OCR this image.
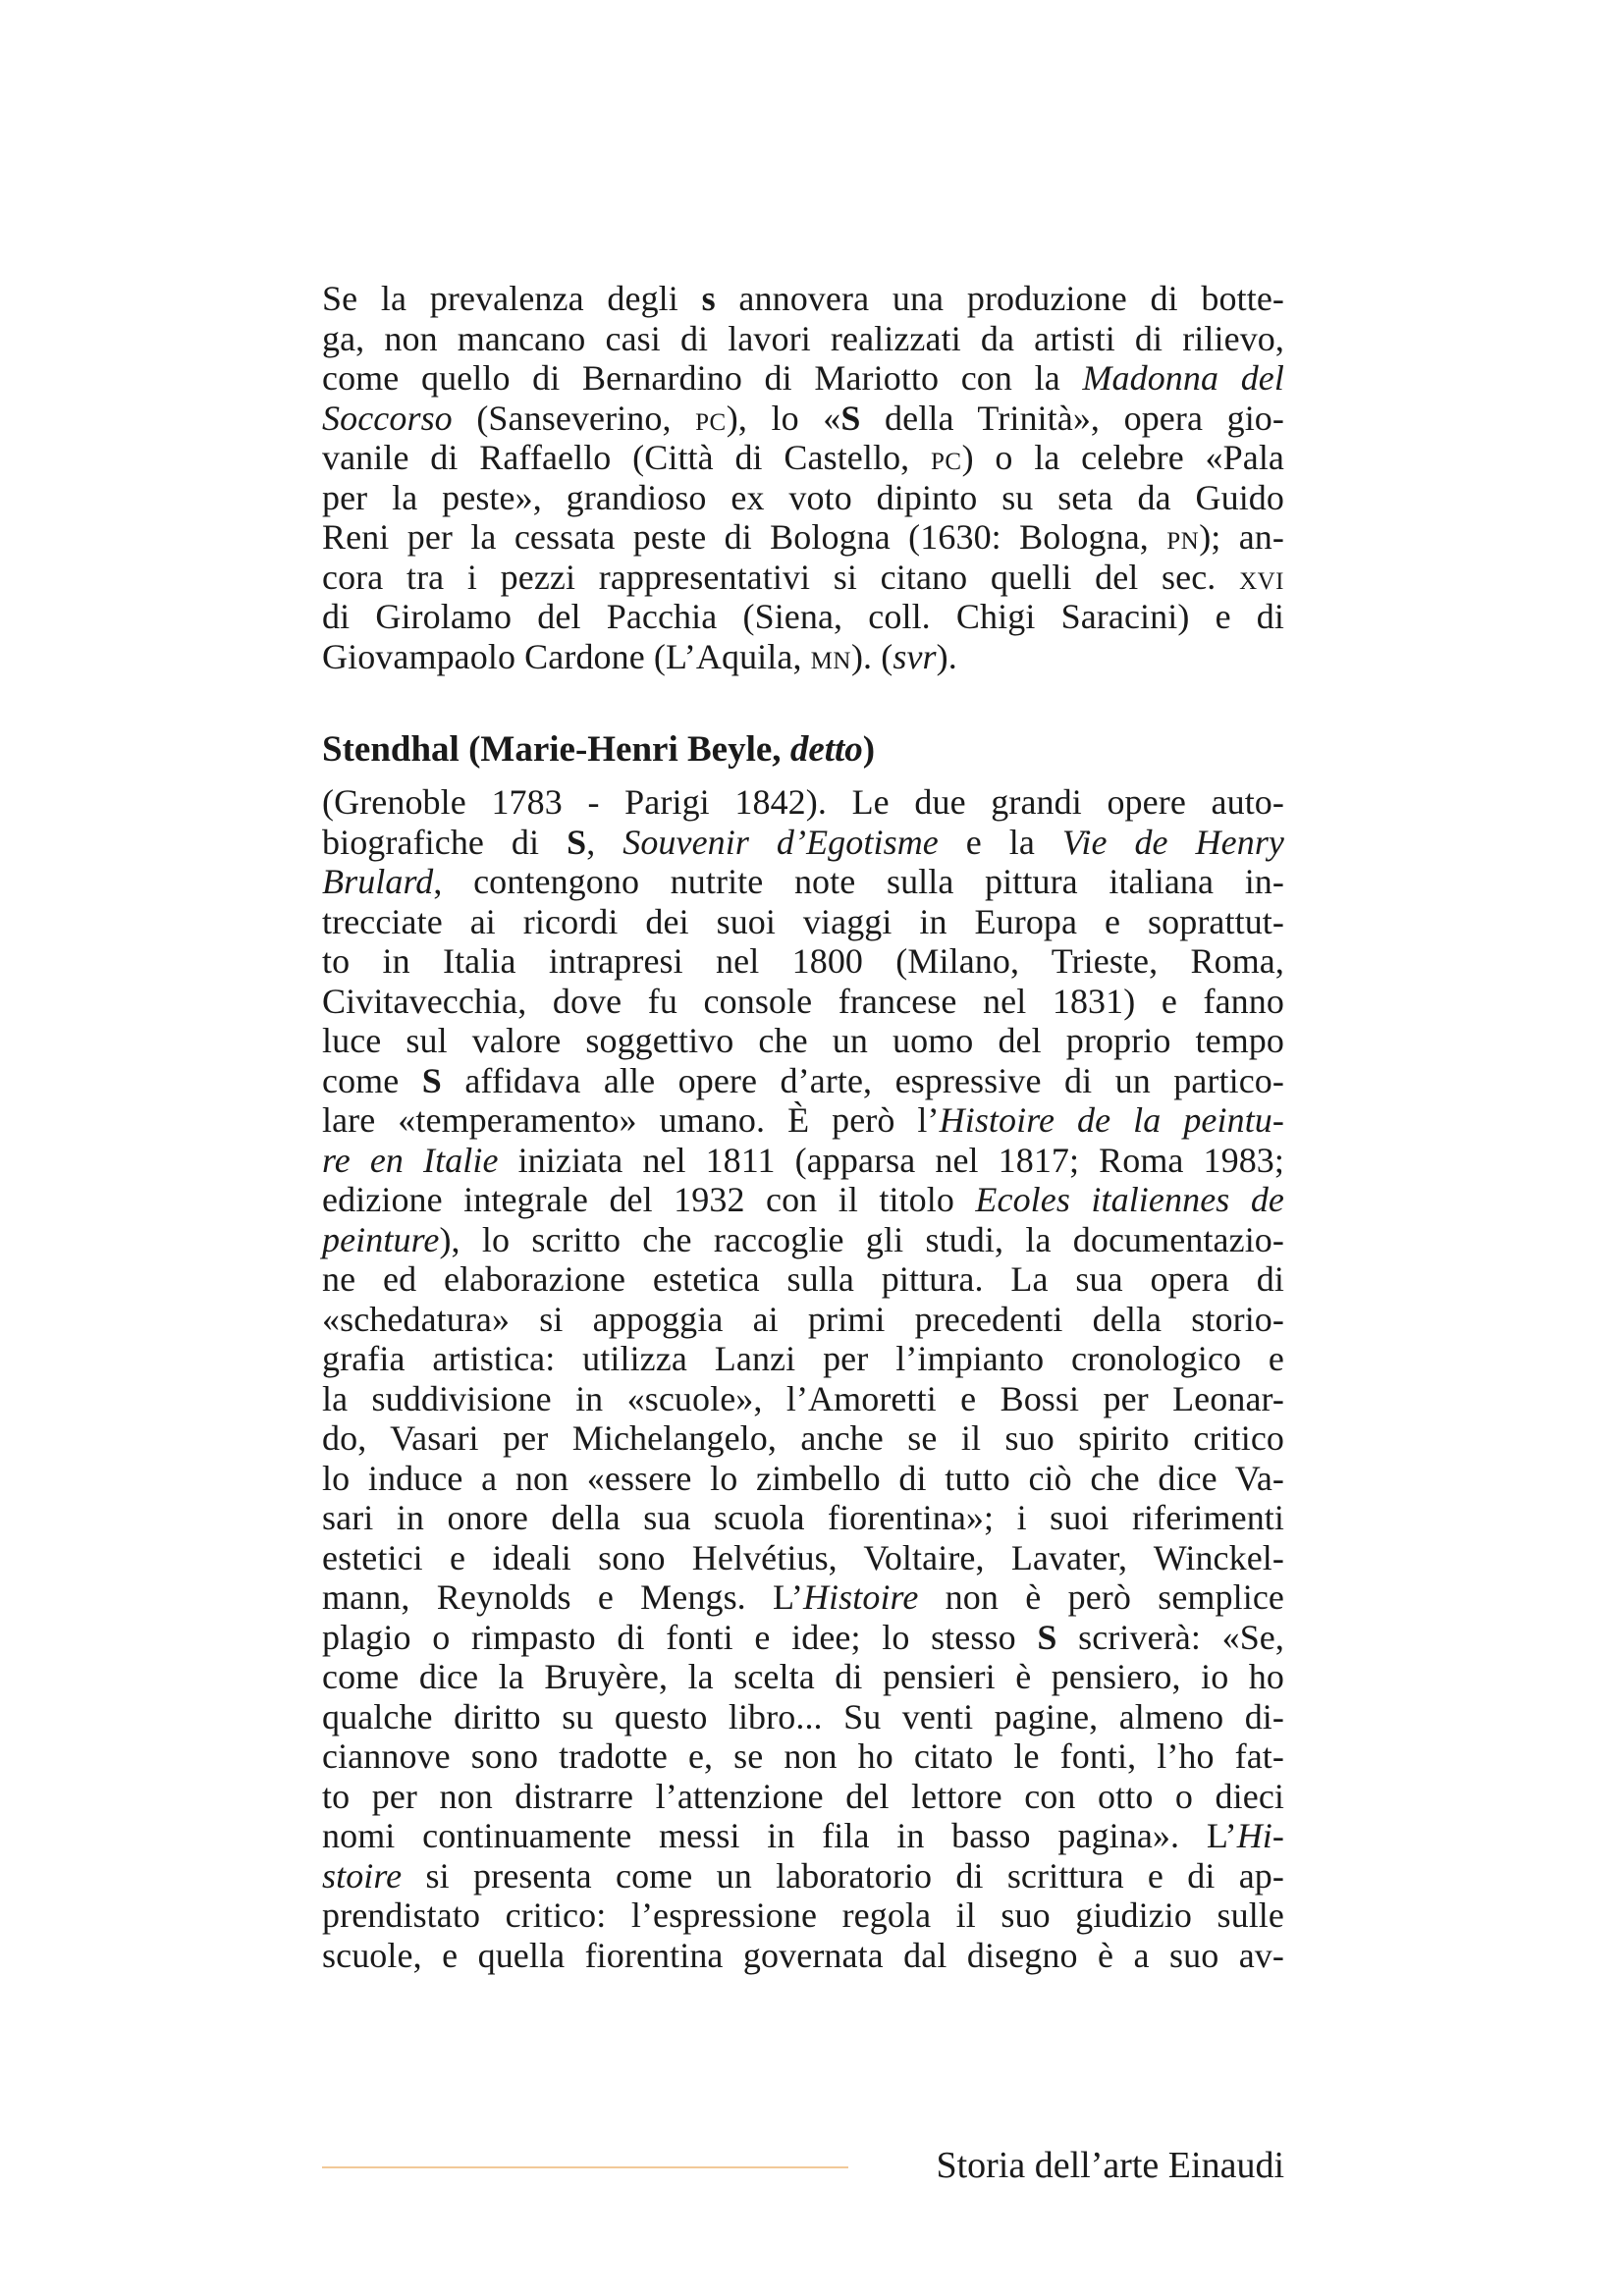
Se la prevalenza degli s annovera una produzione di botte-
ga, non mancano casi di lavori realizzati da artisti di rilievo,
come quello di Bernardino di Mariotto con la Madonna del
Soccorso (Sanseverino, pc), lo «S della Trinità», opera gio-
vanile di Raffaello (Città di Castello, pc) o la celebre «Pala
per la peste», grandioso ex voto dipinto su seta da Guido
Reni per la cessata peste di Bologna (1630: Bologna, pn); an-
cora tra i pezzi rappresentativi si citano quelli del sec. xvi
di Girolamo del Pacchia (Siena, coll. Chigi Saracini) e di
Giovampaolo Cardone (L’Aquila, mn). (svr).
Stendhal (Marie-Henri Beyle, detto)
(Grenoble 1783 - Parigi 1842). Le due grandi opere auto-
biografiche di S, Souvenir d’Egotisme e la Vie de Henry
Brulard, contengono nutrite note sulla pittura italiana in-
trecciate ai ricordi dei suoi viaggi in Europa e soprattut-
to in Italia intrapresi nel 1800 (Milano, Trieste, Roma,
Civitavecchia, dove fu console francese nel 1831) e fanno
luce sul valore soggettivo che un uomo del proprio tempo
come S affidava alle opere d’arte, espressive di un partico-
lare «temperamento» umano. È però l’Histoire de la peintu-
re en Italie iniziata nel 1811 (apparsa nel 1817; Roma 1983;
edizione integrale del 1932 con il titolo Ecoles italiennes de
peinture), lo scritto che raccoglie gli studi, la documentazio-
ne ed elaborazione estetica sulla pittura. La sua opera di
«schedatura» si appoggia ai primi precedenti della storio-
grafia artistica: utilizza Lanzi per l’impianto cronologico e
la suddivisione in «scuole», l’Amoretti e Bossi per Leonar-
do, Vasari per Michelangelo, anche se il suo spirito critico
lo induce a non «essere lo zimbello di tutto ciò che dice Va-
sari in onore della sua scuola fiorentina»; i suoi riferimenti
estetici e ideali sono Helvétius, Voltaire, Lavater, Winckel-
mann, Reynolds e Mengs. L’Histoire non è però semplice
plagio o rimpasto di fonti e idee; lo stesso S scriverà: «Se,
come dice la Bruyère, la scelta di pensieri è pensiero, io ho
qualche diritto su questo libro... Su venti pagine, almeno di-
ciannove sono tradotte e, se non ho citato le fonti, l’ho fat-
to per non distrarre l’attenzione del lettore con otto o dieci
nomi continuamente messi in fila in basso pagina». L’Hi-
stoire si presenta come un laboratorio di scrittura e di ap-
prendistato critico: l’espressione regola il suo giudizio sulle
scuole, e quella fiorentina governata dal disegno è a suo av-
Storia dell’arte Einaudi
